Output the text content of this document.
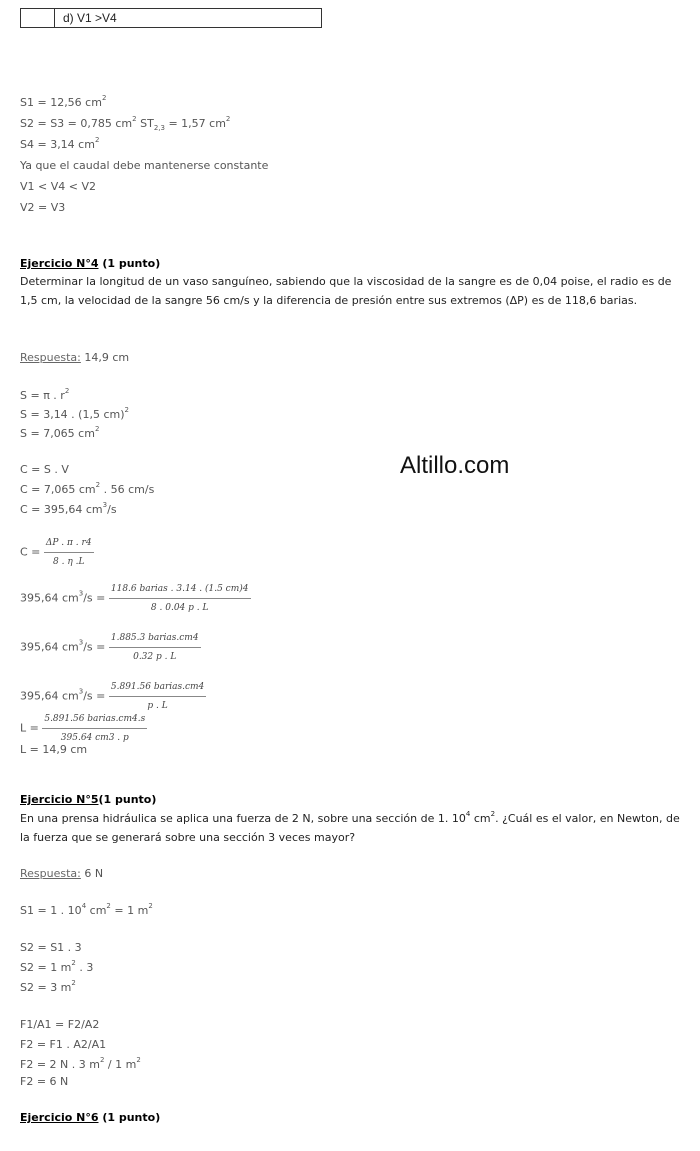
d) V1 >V4
S1 = 12,56 $cm^2$
S2 = S3 = 0,785 $cm^2$ $ST_{2,3} = 1,57$ $cm^2$
S4 = 3,14 $cm^2$
Ya que el caudal debe mantenerse constante
V1 < V4 < V2
V2 = V3
Ejercicio N°4 (1 punto)
Determinar la longitud de un vaso sanguíneo, sabiendo que la viscosidad de la sangre es de 0,04 poise, el radio es de 1,5 cm, la velocidad de la sangre 56 cm/s y la diferencia de presión entre sus extremos (ΔP) es de 118,6 barias.
Respuesta: 14,9 cm
S = π . $r^2$
S = 3,14 . (1,5 cm)$^2$
S = 7,065 $cm^2$
C = S . V
C = 7,065 $cm^2$ . 56 cm/s
C = 395,64 $cm^3/s$
$C = \frac{\Delta P . \pi . r4}{8 . \eta .L}$
395,64 $cm^3/s$ =
118.6 barias . 3.14 . (1.5 cm)4
8 . 0.04 p . L
395,64 $cm^3/s$ =
1.885.3 barias.cm4
0.32 p . L
395,64 $cm^3/s$ =
5.891.56 barias.cm4
p . L
L =
5.891.56 barias.cm4.s
395.64 cm3 . p
L = 14,9 cm
Altillo.com
Ejercicio N°5(1 punto)
En una prensa hidráulica se aplica una fuerza de 2 N, sobre una sección de 1. $10^4$ $cm^2$. ¿Cuál es el valor, en Newton, de la fuerza que se generará sobre una sección 3 veces mayor?
Respuesta: 6 N
S1 = 1 . $10^4$ $cm^2 = 1$ $m^2$
S2 = S1 . 3
S2 = 1 $m^2$ . 3
S2 = 3 $m^2$
F1/A1 = F2/A2
F2 = F1 . A2/A1
F2 = 2 N . 3 $m^2 / 1$ $m^2$
F2 = 6 N
Ejercicio N°6 (1 punto)
